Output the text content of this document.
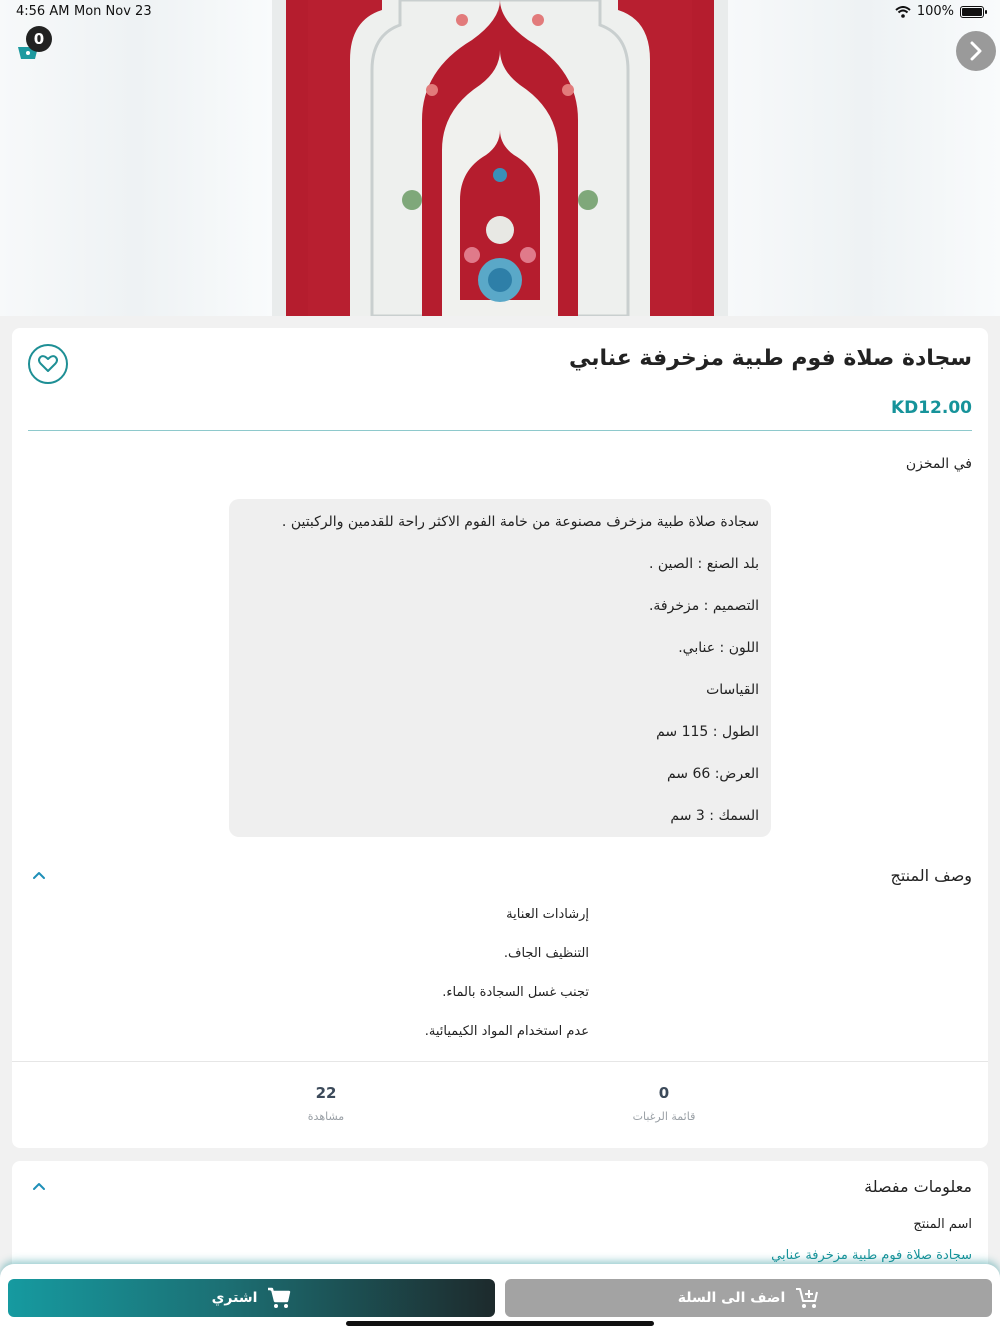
4:56 AM Mon Nov 23	100%
0
سجادة صلاة فوم طبية مزخرفة عنابي
KD12.00
في المخزن
سجادة صلاة طبية مزخرف مصنوعة من خامة الفوم الاكثر راحة للقدمين والركبتين .
بلد الصنع : الصين .
التصميم : مزخرفة.
اللون : عنابي.
القياسات
الطول : 115 سم
العرض: 66 سم
السمك : 3 سم
وصف المنتج
إرشادات العناية
التنظيف الجاف.
تجنب غسل السجادة بالماء.
عدم استخدام المواد الكيميائية.
0
قائمة الرغبات
22
مشاهدة
معلومات مفصلة
اسم المنتج
سجادة صلاة فوم طبية مزخرفة عنابي
اشتري	اضف الى السلة
